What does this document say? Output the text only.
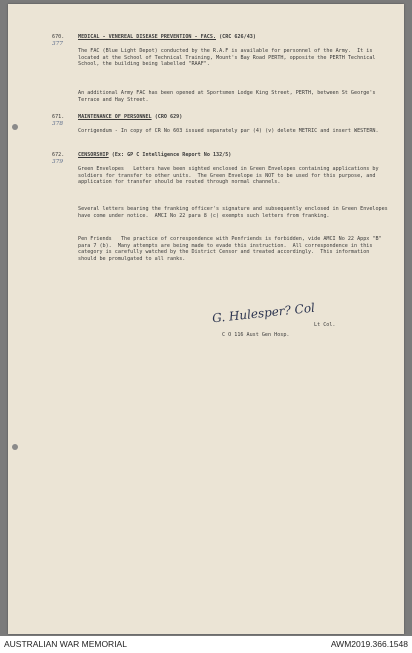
670.
377
MEDICAL - VENEREAL DISEASE PREVENTION - FACS. (CRC 626/43)
The FAC (Blue Light Depot) conducted by the R.A.F is available for personnel of the Army.  It is located at the School of Technical Training, Mount's Bay Road PERTH, opposite the PERTH Technical School, the building being labelled "RAAF".
An additional Army FAC has been opened at Sportsmen Lodge King Street, PERTH, between St George's Terrace and Hay Street.
671.
378
MAINTENANCE OF PERSONNEL (CRO 629)
Corrigendum - In copy of CR No 603 issued separately par (4) (v) delete METRIC and insert WESTERN.
672.
379
CENSORSHIP (Ex: GP C Intelligence Report No 132/5)
Green Envelopes   Letters have been sighted enclosed in Green Envelopes containing applications by soldiers for transfer to other units.  The Green Envelope is NOT to be used for this purpose, and application for transfer should be routed through normal channels.
Several letters bearing the franking officer's signature and subsequently enclosed in Green Envelopes have come under notice.  AMCI No 22 para 8 (c) exempts such letters from franking.
Pen Friends   The practice of correspondence with Penfriends is forbidden, vide AMCI No 22 Appx "B" para 7 (b).  Many attempts are being made to evade this instruction.  All correspondence in this category is carefully watched by the District Censor and treated accordingly.  This information should be promulgated to all ranks.
G. Hulesper? Col
Lt Col.
C O 116 Aust Gen Hosp.
AUSTRALIAN WAR MEMORIAL	AWM2019.366.1548
